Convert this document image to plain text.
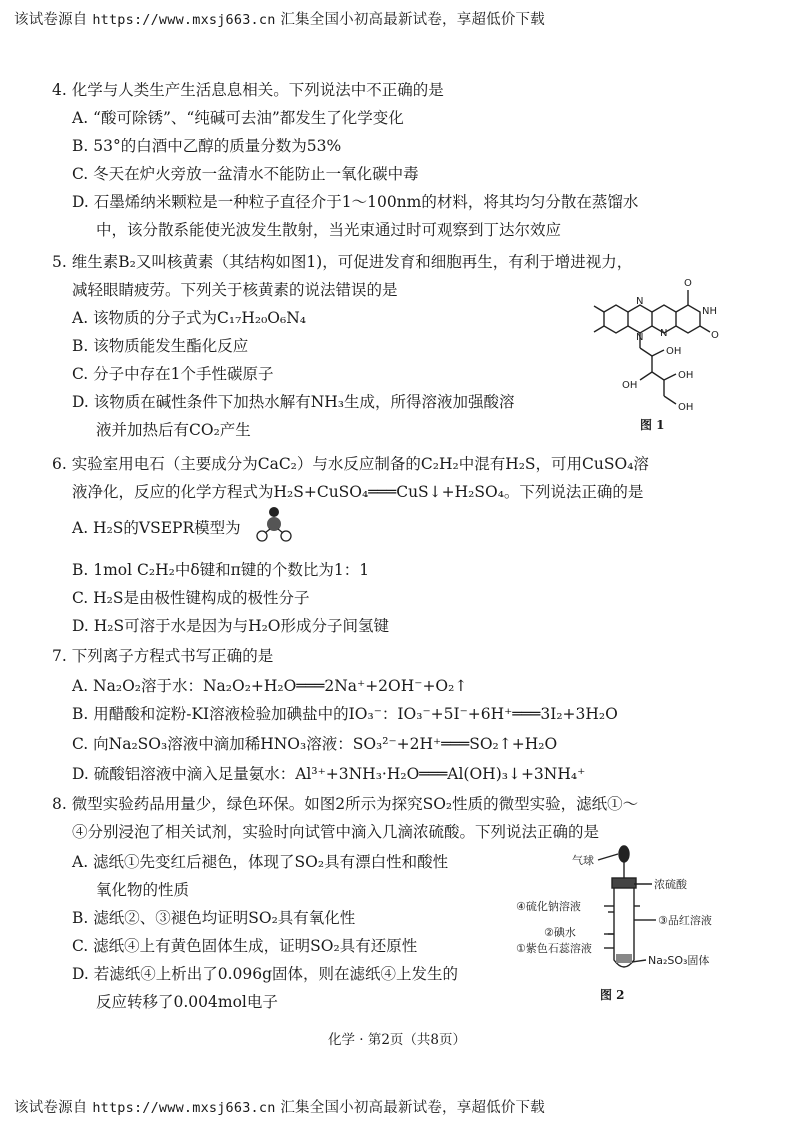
该试卷源自 https://www.mxsj663.cn 汇集全国小初高最新试卷，享超低价下载
4. 化学与人类生产生活息息相关。下列说法中不正确的是
A. “酸可除锈”、“纯碱可去油”都发生了化学变化
B. 53°的白酒中乙醇的质量分数为53%
C. 冬天在炉火旁放一盆清水不能防止一氧化碳中毒
D. 石墨烯纳米颗粒是一种粒子直径介于1～100nm的材料，将其均匀分散在蒸馏水
中，该分散系能使光波发生散射，当光束通过时可观察到丁达尔效应
5. 维生素B₂又叫核黄素（其结构如图1)，可促进发育和细胞再生，有利于增进视力，
减轻眼睛疲劳。下列关于核黄素的说法错误的是
A. 该物质的分子式为C₁₇H₂₀O₆N₄
B. 该物质能发生酯化反应
C. 分子中存在1个手性碳原子
D. 该物质在碱性条件下加热水解有NH₃生成，所得溶液加强酸溶
液并加热后有CO₂产生
O
NH
O
N
N
N
OH
OH
OH
OH
图 1
6. 实验室用电石（主要成分为CaC₂）与水反应制备的C₂H₂中混有H₂S，可用CuSO₄溶
液净化，反应的化学方程式为H₂S+CuSO₄═══CuS↓+H₂SO₄。下列说法正确的是
A. H₂S的VSEPR模型为
B. 1mol C₂H₂中δ键和π键的个数比为1：1
C. H₂S是由极性键构成的极性分子
D. H₂S可溶于水是因为与H₂O形成分子间氢键
7. 下列离子方程式书写正确的是
A. Na₂O₂溶于水：Na₂O₂+H₂O═══2Na⁺+2OH⁻+O₂↑
B. 用醋酸和淀粉-KI溶液检验加碘盐中的IO₃⁻：IO₃⁻+5I⁻+6H⁺═══3I₂+3H₂O
C. 向Na₂SO₃溶液中滴加稀HNO₃溶液：SO₃²⁻+2H⁺═══SO₂↑+H₂O
D. 硫酸铝溶液中滴入足量氨水：Al³⁺+3NH₃·H₂O═══Al(OH)₃↓+3NH₄⁺
8. 微型实验药品用量少，绿色环保。如图2所示为探究SO₂性质的微型实验，滤纸①～
④分别浸泡了相关试剂，实验时向试管中滴入几滴浓硫酸。下列说法正确的是
A. 滤纸①先变红后褪色，体现了SO₂具有漂白性和酸性
氧化物的性质
B. 滤纸②、③褪色均证明SO₂具有氧化性
C. 滤纸④上有黄色固体生成，证明SO₂具有还原性
D. 若滤纸④上析出了0.096g固体，则在滤纸④上发生的
反应转移了0.004mol电子
气球
浓硫酸
④硫化钠溶液
③品红溶液
②碘水
①紫色石蕊溶液
Na₂SO₃固体
图 2
化学 · 第2页（共8页）
该试卷源自 https://www.mxsj663.cn 汇集全国小初高最新试卷，享超低价下载
